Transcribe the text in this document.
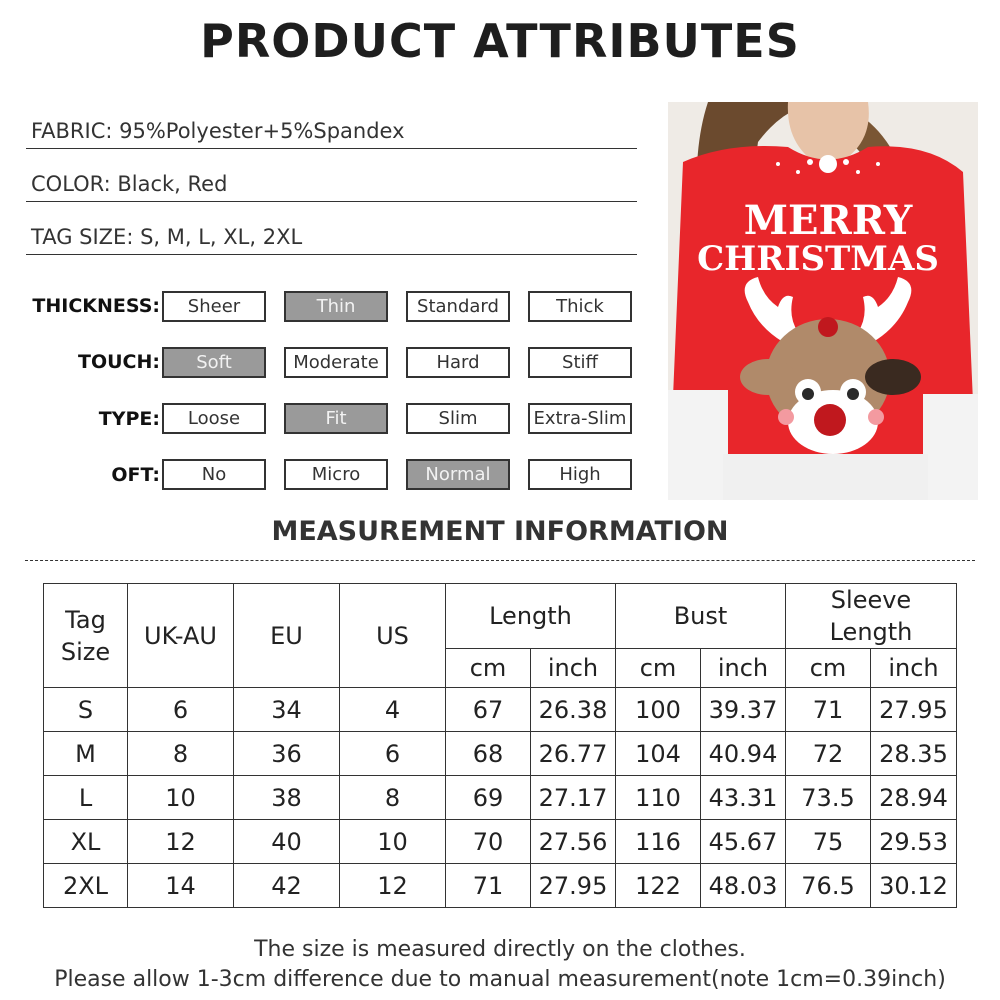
PRODUCT ATTRIBUTES
FABRIC: 95%Polyester+5%Spandex
COLOR: Black, Red
TAG SIZE: S, M, L, XL, 2XL
THICKNESS:	Sheer	Thin	Standard	Thick
TOUCH:	Soft	Moderate	Hard	Stiff
TYPE:	Loose	Fit	Slim	Extra-Slim
OFT:	No	Micro	Normal	High
MERRY
CHRISTMAS
MEASUREMENT INFORMATION
Tag Size	UK-AU	EU	US	Length		Bust		Sleeve Length	

				cm	inch	cm	inch	cm	inch
S	6	34	4	67	26.38	100	39.37	71	27.95
M	8	36	6	68	26.77	104	40.94	72	28.35
L	10	38	8	69	27.17	110	43.31	73.5	28.94
XL	12	40	10	70	27.56	116	45.67	75	29.53
2XL	14	42	12	71	27.95	122	48.03	76.5	30.12
The size is measured directly on the clothes.
Please allow 1-3cm difference due to manual measurement(note 1cm=0.39inch)
